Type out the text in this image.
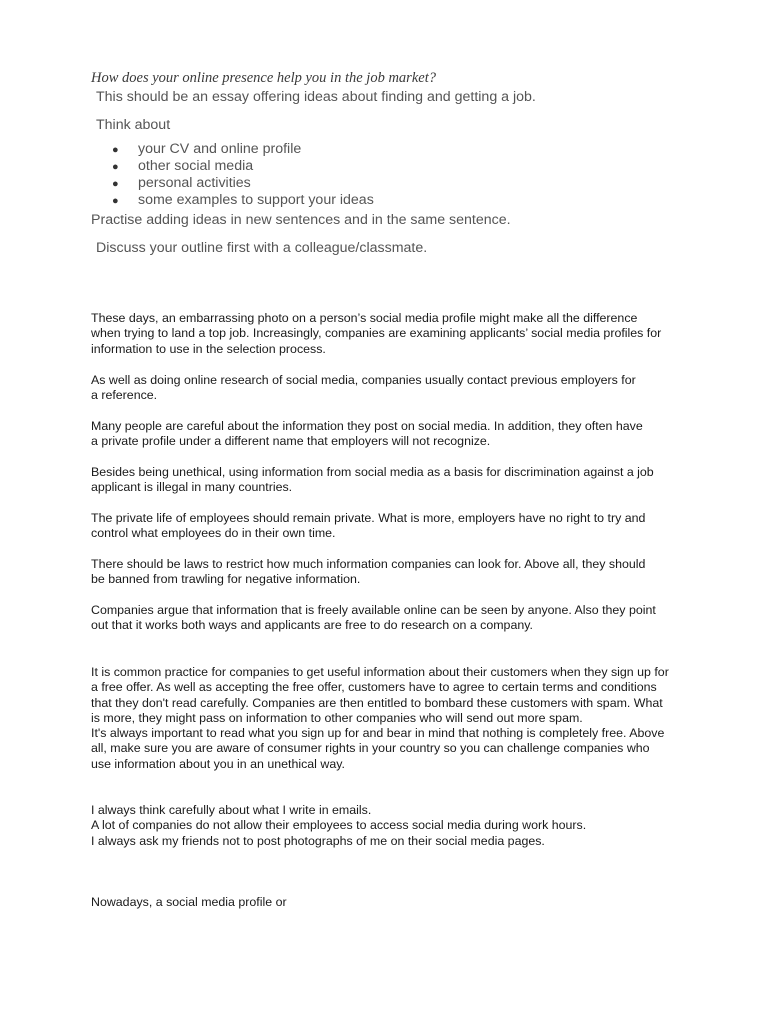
How does your online presence help you in the job market?
This should be an essay offering ideas about finding and getting a job.
Think about
● your CV and online profile
● other social media
● personal activities
● some examples to support your ideas
Practise adding ideas in new sentences and in the same sentence.
Discuss your outline first with a colleague/classmate.
These days, an embarrassing photo on a person’s social media profile might make all the difference
when trying to land a top job. Increasingly, companies are examining applicants’ social media profiles for
information to use in the selection process.
As well as doing online research of social media, companies usually contact previous employers for
a reference.
Many people are careful about the information they post on social media. In addition, they often have
a private profile under a different name that employers will not recognize.
Besides being unethical, using information from social media as a basis for discrimination against a job
applicant is illegal in many countries.
The private life of employees should remain private. What is more, employers have no right to try and
control what employees do in their own time.
There should be laws to restrict how much information companies can look for. Above all, they should
be banned from trawling for negative information.
Companies argue that information that is freely available online can be seen by anyone. Also they point
out that it works both ways and applicants are free to do research on a company.
It is common practice for companies to get useful information about their customers when they sign up for
a free offer. As well as accepting the free offer, customers have to agree to certain terms and conditions
that they don't read carefully. Companies are then entitled to bombard these customers with spam. What
is more, they might pass on information to other companies who will send out more spam.
It's always important to read what you sign up for and bear in mind that nothing is completely free. Above
all, make sure you are aware of consumer rights in your country so you can challenge companies who
use information about you in an unethical way.
I always think carefully about what I write in emails.
A lot of companies do not allow their employees to access social media during work hours.
I always ask my friends not to post photographs of me on their social media pages.
Nowadays, a social media profile or
